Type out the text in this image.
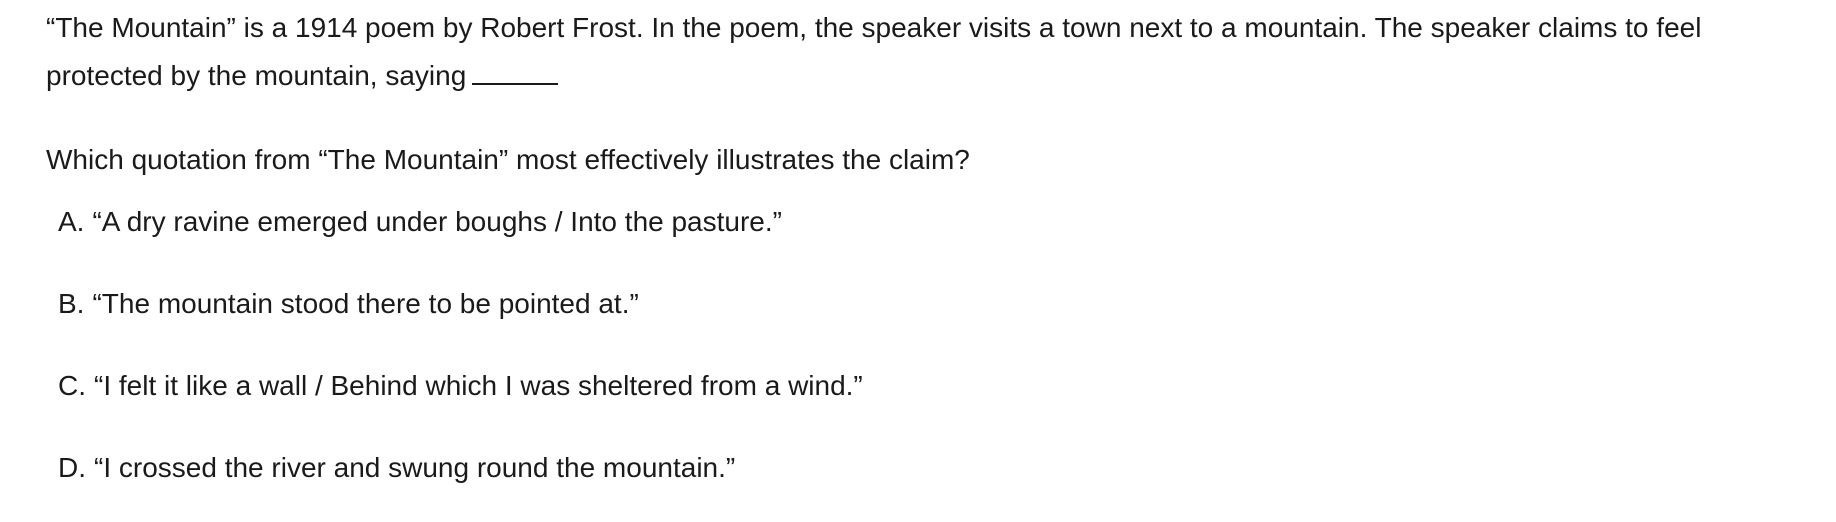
“The Mountain” is a 1914 poem by Robert Frost. In the poem, the speaker visits a town next to a mountain. The speaker claims to feel protected by the mountain, saying

Which quotation from “The Mountain” most effectively illustrates the claim?

A. “A dry ravine emerged under boughs / Into the pasture.”
B. “The mountain stood there to be pointed at.”
C. “I felt it like a wall / Behind which I was sheltered from a wind.”
D. “I crossed the river and swung round the mountain.”
